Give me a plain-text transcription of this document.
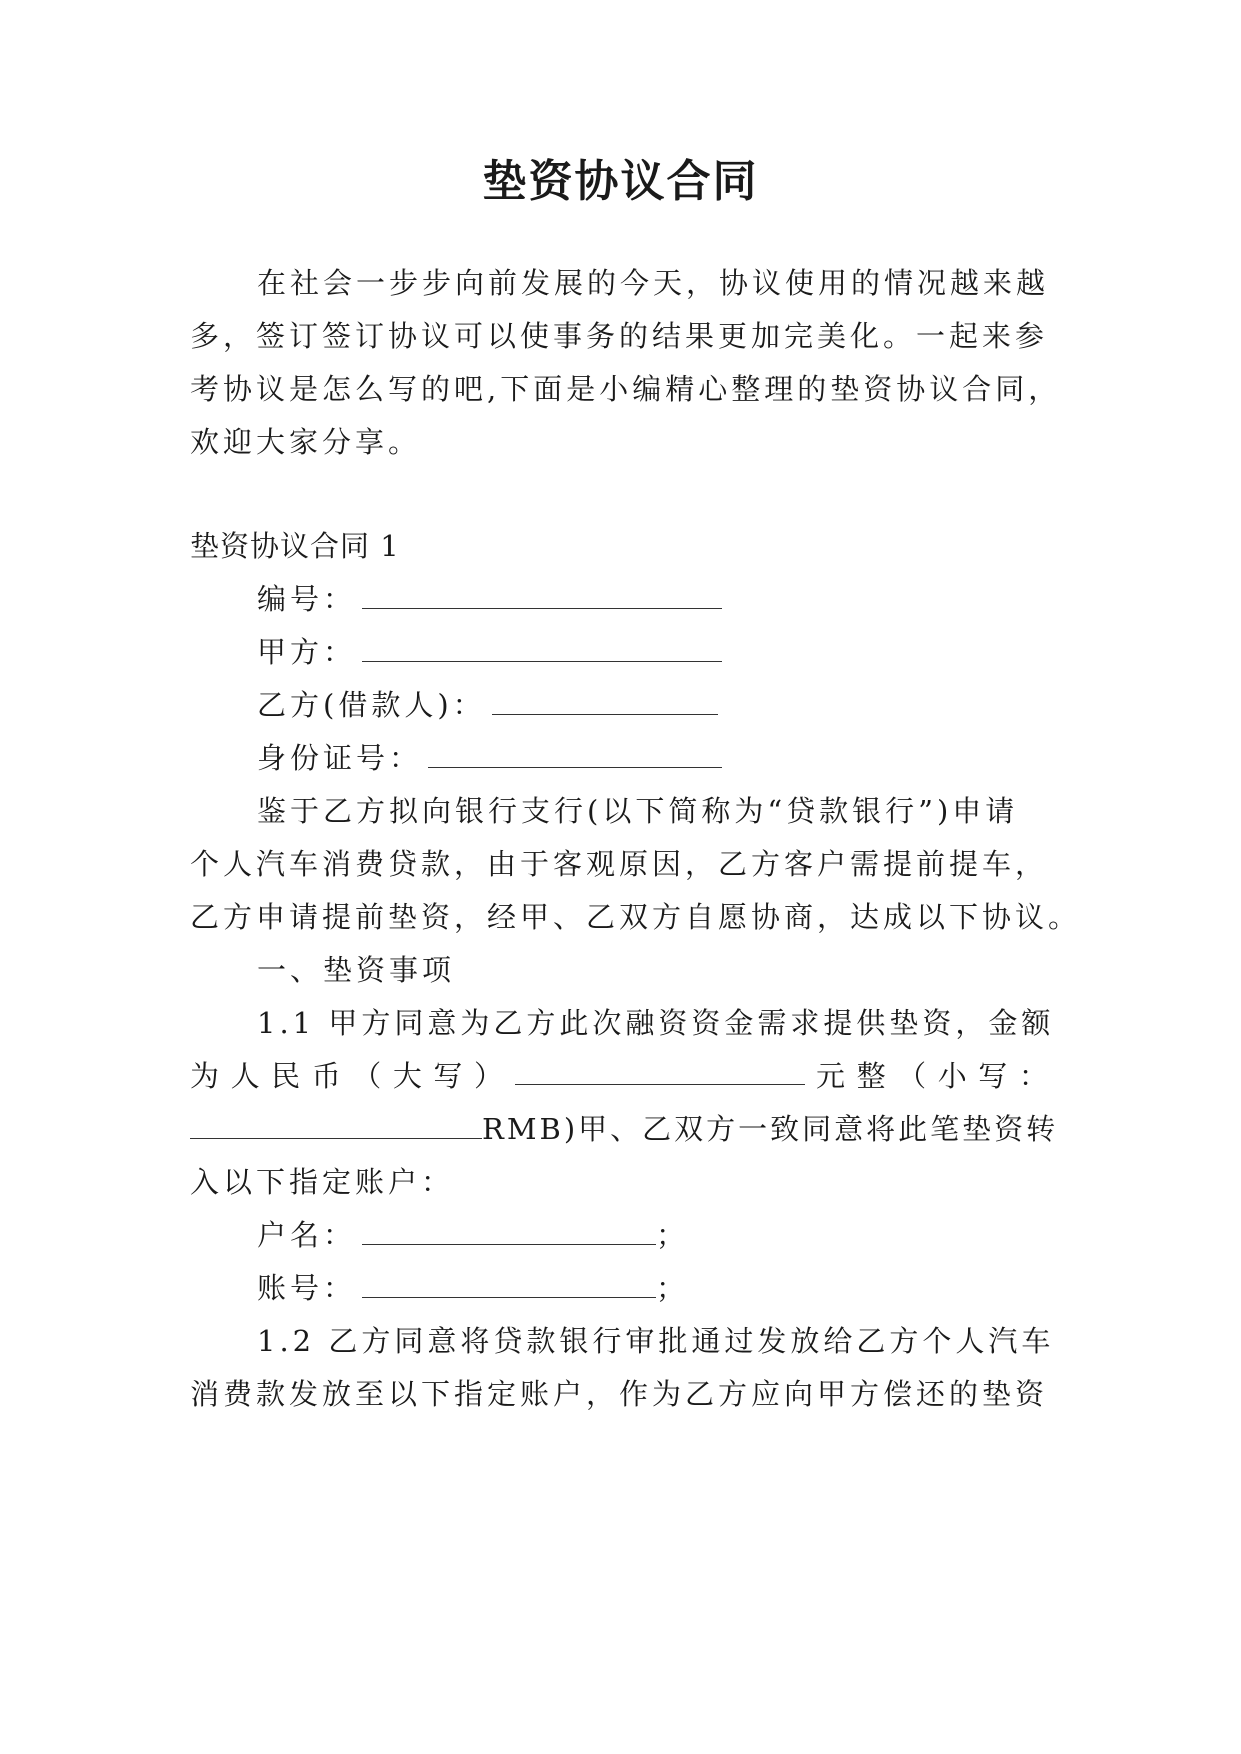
垫资协议合同
在社会一步步向前发展的今天，协议使用的情况越来越
多，签订签订协议可以使事务的结果更加完美化。一起来参
考协议是怎么写的吧,下面是小编精心整理的垫资协议合同，
欢迎大家分享。
垫资协议合同 1
编号：
甲方：
乙方(借款人)：
身份证号：
鉴于乙方拟向银行支行(以下简称为“贷款银行”)申请
个人汽车消费贷款，由于客观原因，乙方客户需提前提车，
乙方申请提前垫资，经甲、乙双方自愿协商，达成以下协议。
一、垫资事项
1.1 甲方同意为乙方此次融资资金需求提供垫资，金额
为 人 民 币 （ 大 写 ）	元 整 （ 小 写 ：
RMB)甲、乙双方一致同意将此笔垫资转
入以下指定账户：
户名：	；
账号：	；
1.2 乙方同意将贷款银行审批通过发放给乙方个人汽车
消费款发放至以下指定账户，作为乙方应向甲方偿还的垫资
